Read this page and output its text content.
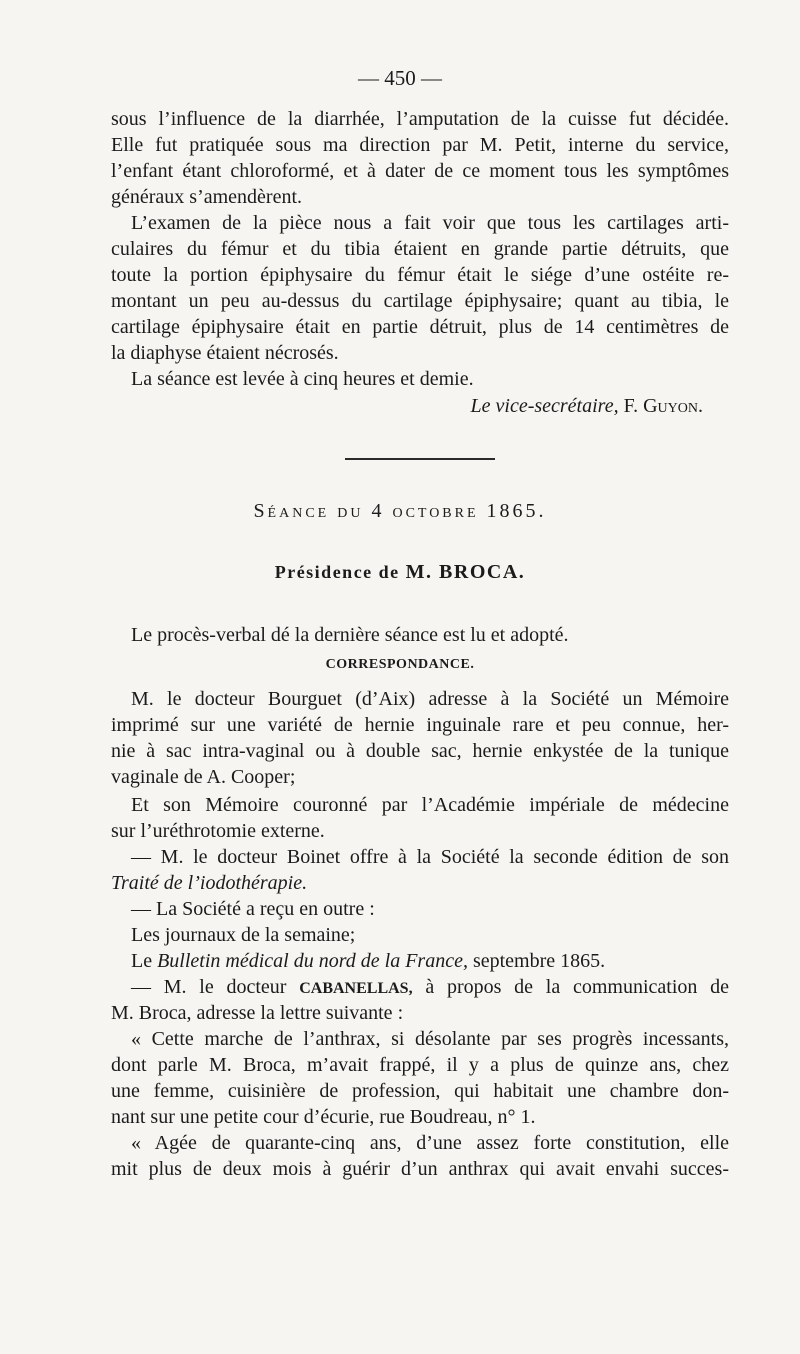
— 450 —
sous l’influence de la diarrhée, l’amputation de la cuisse fut décidée.
Elle fut pratiquée sous ma direction par M. Petit, interne du service,
l’enfant étant chloroformé, et à dater de ce moment tous les symptômes
généraux s’amendèrent.
L’examen de la pièce nous a fait voir que tous les cartilages arti-
culaires du fémur et du tibia étaient en grande partie détruits, que
toute la portion épiphysaire du fémur était le siége d’une ostéite re-
montant un peu au-dessus du cartilage épiphysaire; quant au tibia, le
cartilage épiphysaire était en partie détruit, plus de 14 centimètres de
la diaphyse étaient nécrosés.
La séance est levée à cinq heures et demie.
Le vice-secrétaire, F. Guyon.
Séance du 4 octobre 1865.
Présidence de M. BROCA.
Le procès-verbal dé la dernière séance est lu et adopté.
M. le docteur Bourguet (d’Aix) adresse à la Société un Mémoire
imprimé sur une variété de hernie inguinale rare et peu connue, her-
nie à sac intra-vaginal ou à double sac, hernie enkystée de la tunique
vaginale de A. Cooper;
Et son Mémoire couronné par l’Académie impériale de médecine
sur l’uréthrotomie externe.
— M. le docteur Boinet offre à la Société la seconde édition de son
Traité de l’iodothérapie.
— La Société a reçu en outre :
Les journaux de la semaine;
Le Bulletin médical du nord de la France, septembre 1865.
— M. le docteur CABANELLAS, à propos de la communication de
M. Broca, adresse la lettre suivante :
« Cette marche de l’anthrax, si désolante par ses progrès incessants,
dont parle M. Broca, m’avait frappé, il y a plus de quinze ans, chez
une femme, cuisinière de profession, qui habitait une chambre don-
nant sur une petite cour d’écurie, rue Boudreau, n° 1.
« Agée de quarante-cinq ans, d’une assez forte constitution, elle
mit plus de deux mois à guérir d’un anthrax qui avait envahi succes-
CORRESPONDANCE.
